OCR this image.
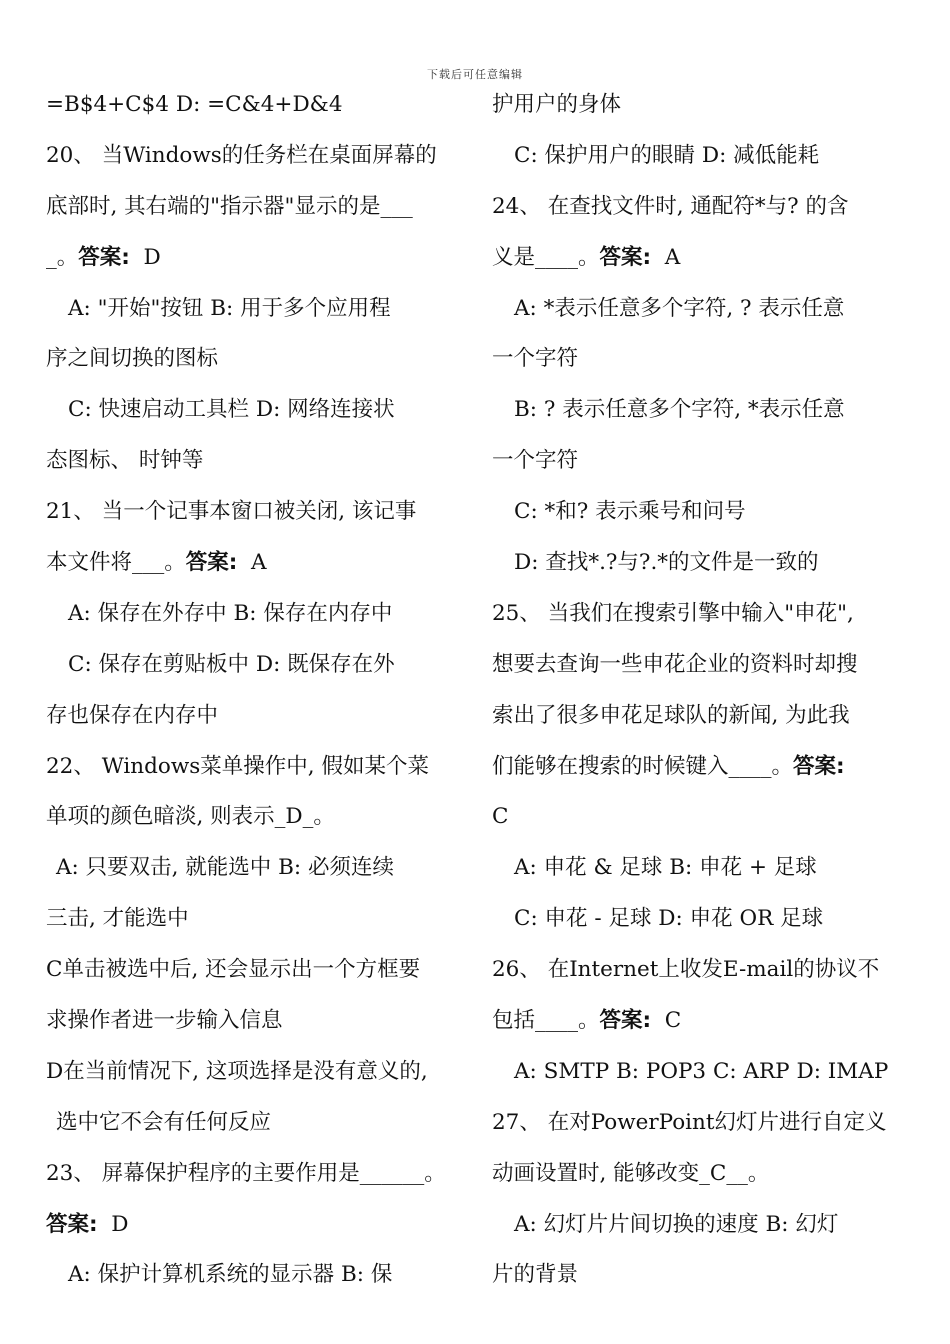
下载后可任意编辑
=B$4+C$4 D: =C&4+D&4
20、 当Windows的任务栏在桌面屏幕的
底部时, 其右端的"指示器"显示的是___
_。答案:  D
A: "开始"按钮 B: 用于多个应用程
序之间切换的图标
C: 快速启动工具栏 D: 网络连接状
态图标、 时钟等
21、 当一个记事本窗口被关闭, 该记事
本文件将___。答案:  A
A: 保存在外存中 B: 保存在内存中
C: 保存在剪贴板中 D: 既保存在外
存也保存在内存中
22、 Windows菜单操作中, 假如某个菜
单项的颜色暗淡, 则表示_D_。
A: 只要双击, 就能选中 B: 必须连续
三击, 才能选中
C单击被选中后, 还会显示出一个方框要
求操作者进一步输入信息
D在当前情况下, 这项选择是没有意义的,
选中它不会有任何反应
23、 屏幕保护程序的主要作用是______。
答案:  D
A: 保护计算机系统的显示器 B: 保
护用户的身体
C: 保护用户的眼睛 D: 减低能耗
24、 在查找文件时, 通配符*与? 的含
义是____。答案:  A
A: *表示任意多个字符, ? 表示任意
一个字符
B: ? 表示任意多个字符, *表示任意
一个字符
C: *和? 表示乘号和问号
D: 查找*.?与?.*的文件是一致的
25、 当我们在搜索引擎中输入"申花",
想要去查询一些申花企业的资料时却搜
索出了很多申花足球队的新闻, 为此我
们能够在搜索的时候键入____。答案:
C
A: 申花 & 足球 B: 申花 + 足球
C: 申花 - 足球 D: 申花 OR 足球
26、 在Internet上收发E-mail的协议不
包括____。答案:  C
A: SMTP B: POP3 C: ARP D: IMAP
27、 在对PowerPoint幻灯片进行自定义
动画设置时, 能够改变_C__。
A: 幻灯片片间切换的速度 B: 幻灯
片的背景
